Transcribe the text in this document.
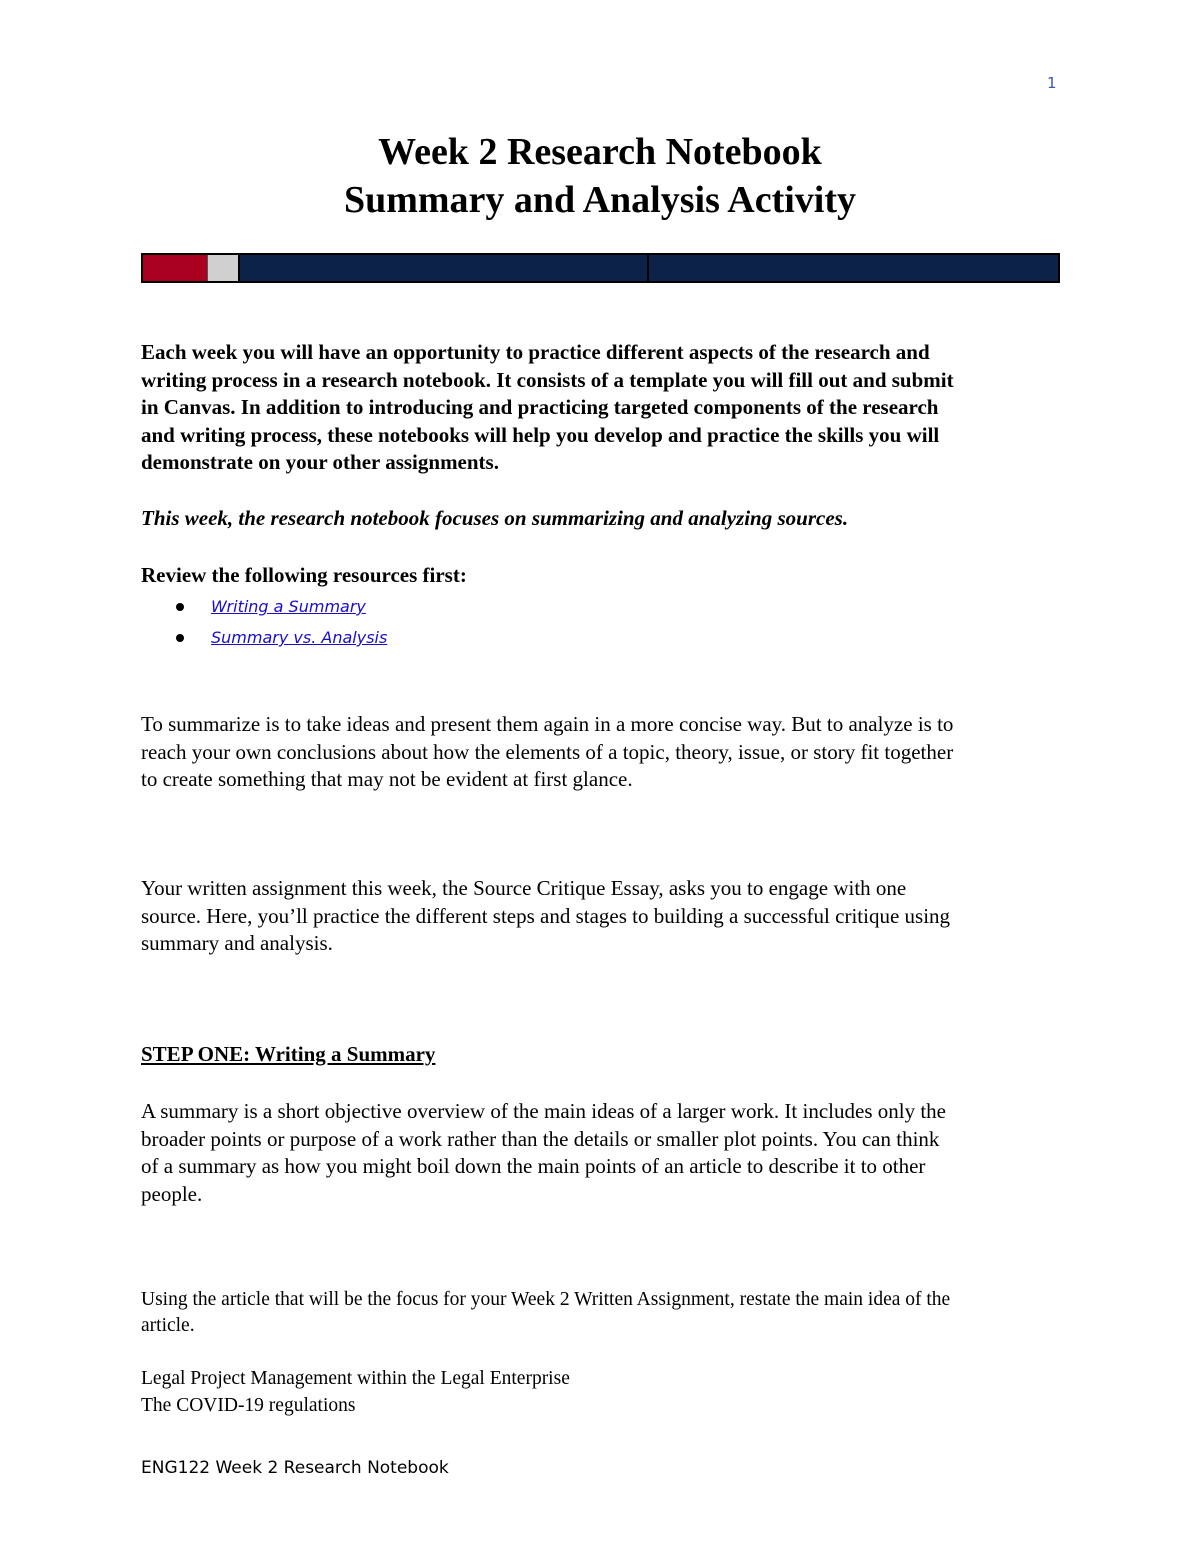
1
Week 2 Research Notebook
Summary and Analysis Activity
Each week you will have an opportunity to practice different aspects of the research and
writing process in a research notebook. It consists of a template you will fill out and submit
in Canvas. In addition to introducing and practicing targeted components of the research
and writing process, these notebooks will help you develop and practice the skills you will
demonstrate on your other assignments.
This week, the research notebook focuses on summarizing and analyzing sources.
Review the following resources first:
Writing a Summary
Summary vs. Analysis
To summarize is to take ideas and present them again in a more concise way. But to analyze is to
reach your own conclusions about how the elements of a topic, theory, issue, or story fit together
to create something that may not be evident at first glance.
Your written assignment this week, the Source Critique Essay, asks you to engage with one
source. Here, you’ll practice the different steps and stages to building a successful critique using
summary and analysis.
STEP ONE: Writing a Summary
A summary is a short objective overview of the main ideas of a larger work. It includes only the
broader points or purpose of a work rather than the details or smaller plot points. You can think
of a summary as how you might boil down the main points of an article to describe it to other
people.
Using the article that will be the focus for your Week 2 Written Assignment, restate the main idea of the
article.
Legal Project Management within the Legal Enterprise
The COVID-19 regulations
ENG122 Week 2 Research Notebook
